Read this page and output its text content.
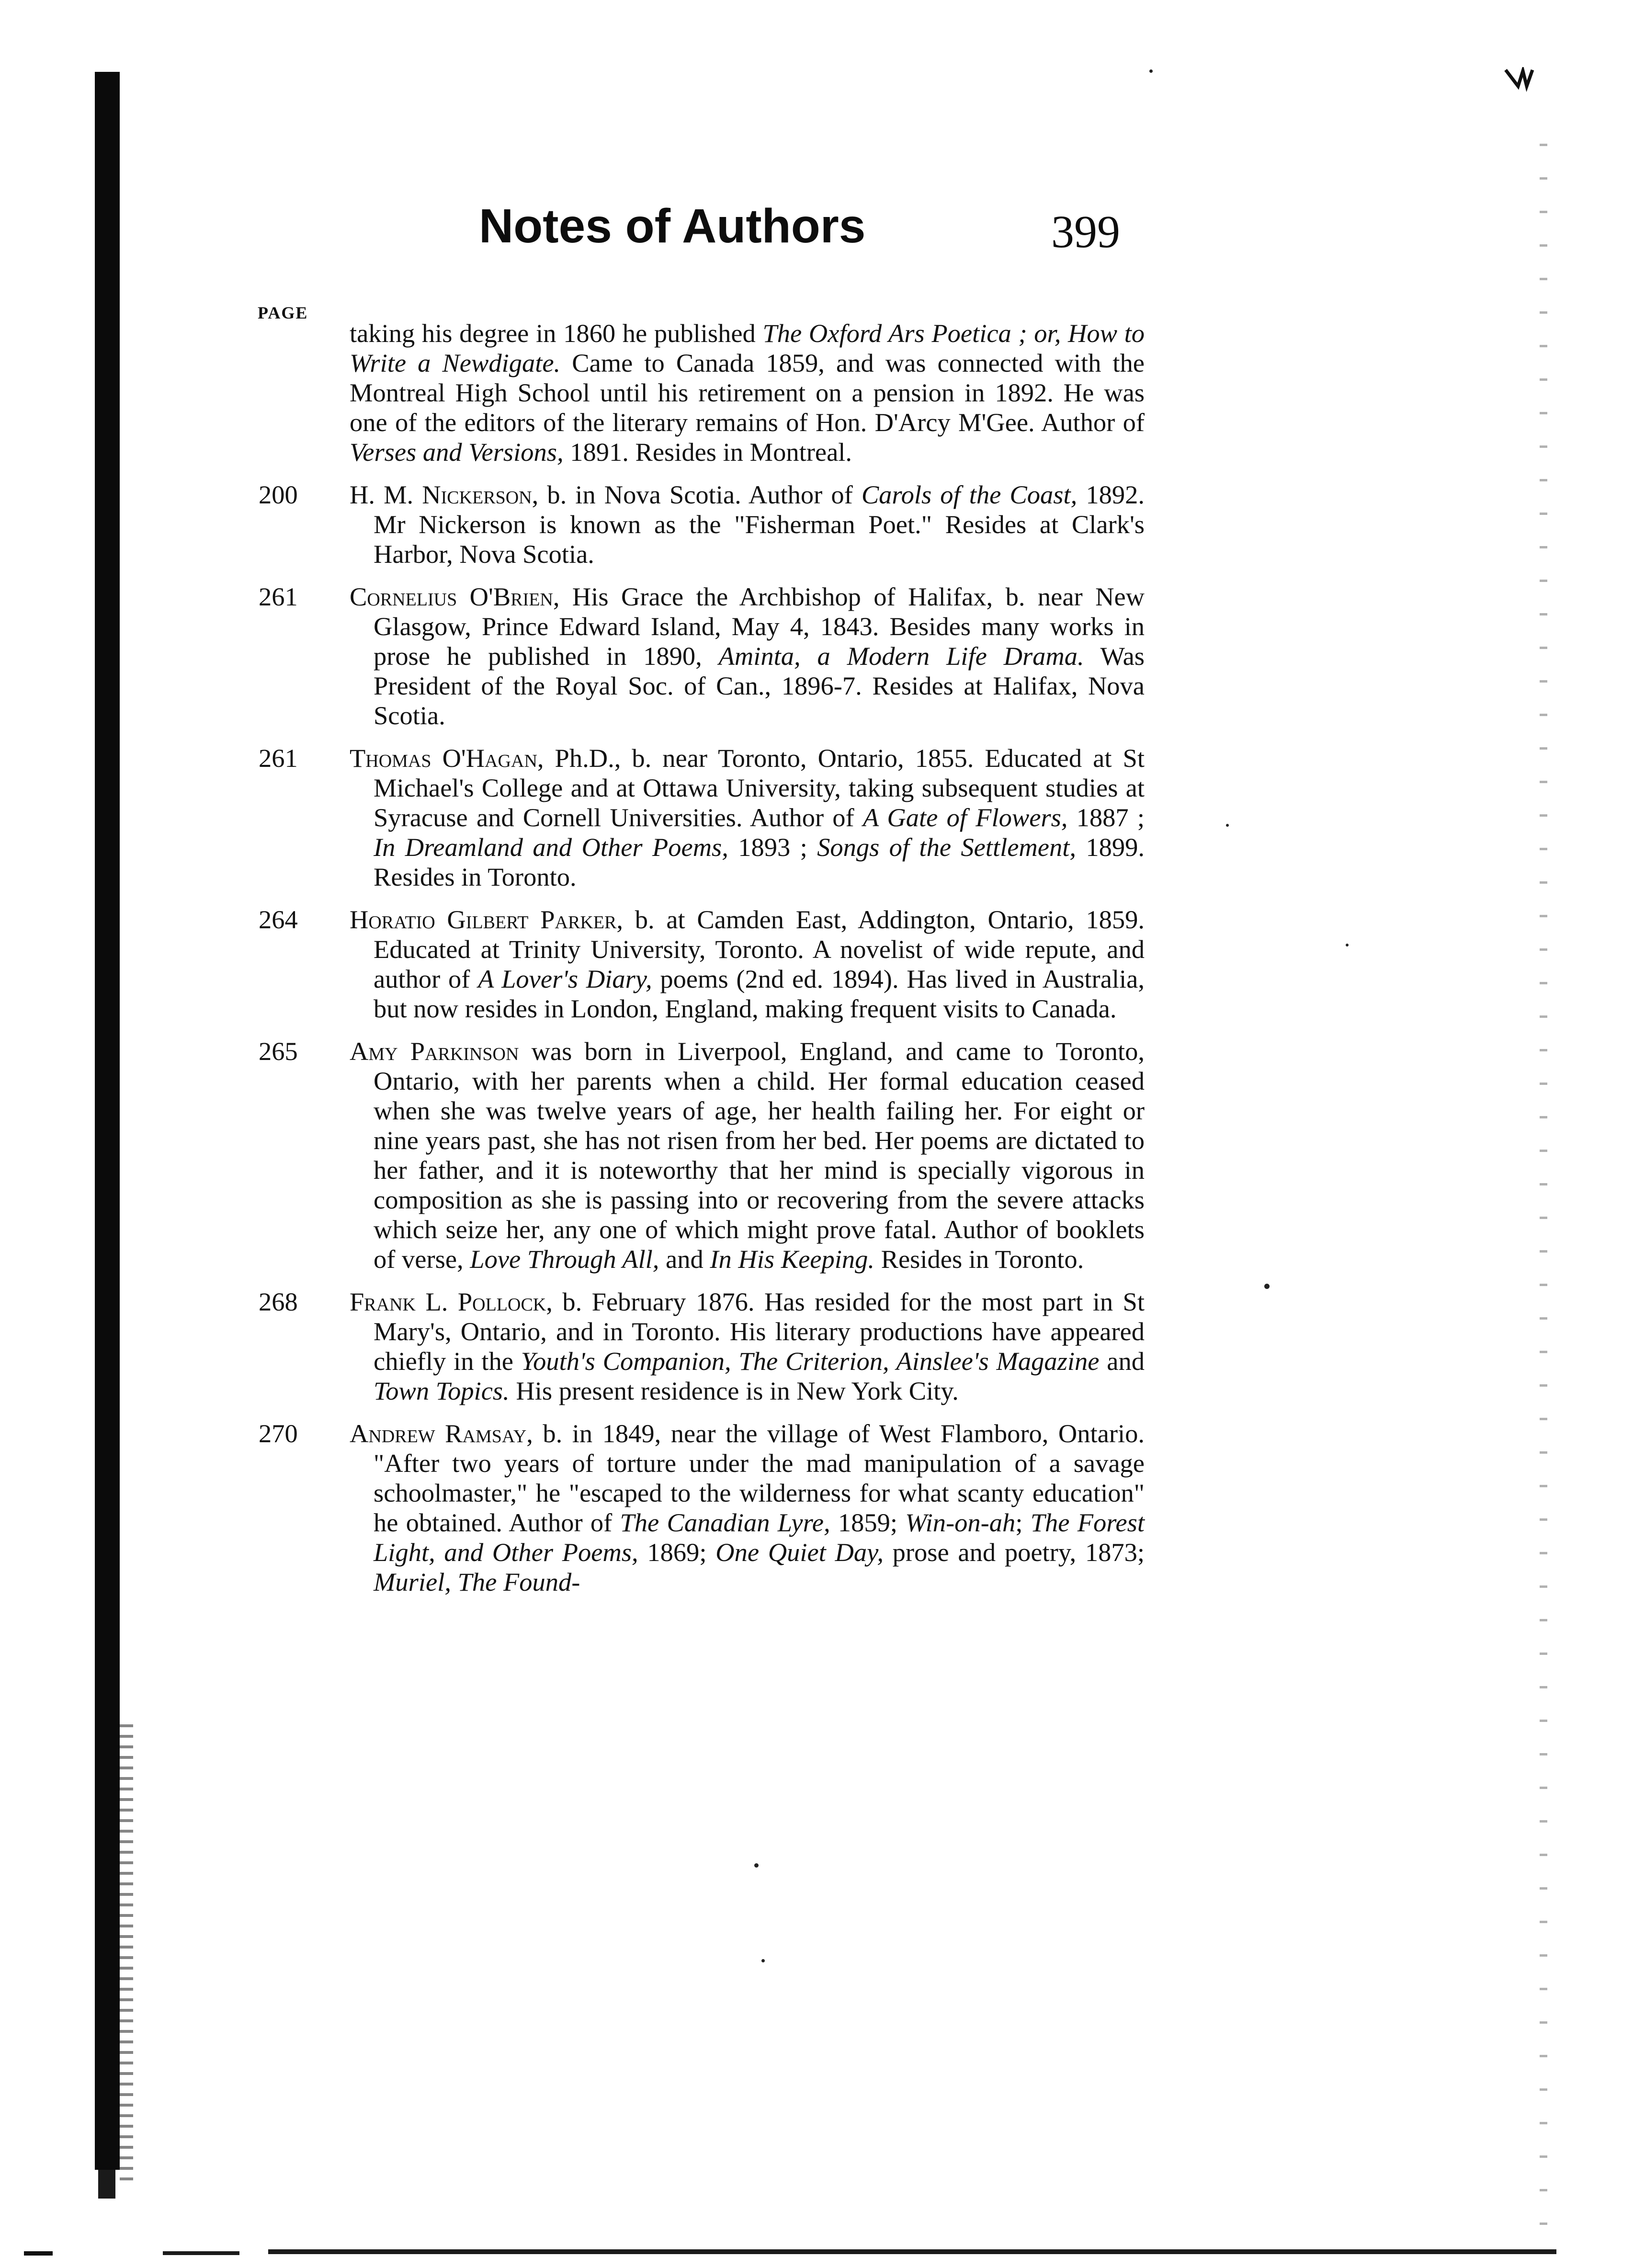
Notes of Authors	399
PAGE
taking his degree in 1860 he published The Oxford Ars Poetica ; or, How to Write a Newdigate. Came to Canada 1859, and was connected with the Montreal High School until his retirement on a pension in 1892. He was one of the editors of the literary remains of Hon. D'Arcy M'Gee. Author of Verses and Versions, 1891. Resides in Montreal.
200	H. M. Nickerson, b. in Nova Scotia. Author of Carols of the Coast, 1892. Mr Nickerson is known as the "Fisherman Poet." Resides at Clark's Harbor, Nova Scotia.
261	Cornelius O'Brien, His Grace the Archbishop of Halifax, b. near New Glasgow, Prince Edward Island, May 4, 1843. Besides many works in prose he published in 1890, Aminta, a Modern Life Drama. Was President of the Royal Soc. of Can., 1896-7. Resides at Halifax, Nova Scotia.
261	Thomas O'Hagan, Ph.D., b. near Toronto, Ontario, 1855. Educated at St Michael's College and at Ottawa University, taking subsequent studies at Syracuse and Cornell Universities. Author of A Gate of Flowers, 1887 ; In Dreamland and Other Poems, 1893 ; Songs of the Settlement, 1899. Resides in Toronto.
264	Horatio Gilbert Parker, b. at Camden East, Addington, Ontario, 1859. Educated at Trinity University, Toronto. A novelist of wide repute, and author of A Lover's Diary, poems (2nd ed. 1894). Has lived in Australia, but now resides in London, England, making frequent visits to Canada.
265	Amy Parkinson was born in Liverpool, England, and came to Toronto, Ontario, with her parents when a child. Her formal education ceased when she was twelve years of age, her health failing her. For eight or nine years past, she has not risen from her bed. Her poems are dictated to her father, and it is noteworthy that her mind is specially vigorous in composition as she is passing into or recovering from the severe attacks which seize her, any one of which might prove fatal. Author of booklets of verse, Love Through All, and In His Keeping. Resides in Toronto.
268	Frank L. Pollock, b. February 1876. Has resided for the most part in St Mary's, Ontario, and in Toronto. His literary productions have appeared chiefly in the Youth's Companion, The Criterion, Ainslee's Magazine and Town Topics. His present residence is in New York City.
270	Andrew Ramsay, b. in 1849, near the village of West Flamboro, Ontario. "After two years of torture under the mad manipulation of a savage schoolmaster," he "escaped to the wilderness for what scanty education" he obtained. Author of The Canadian Lyre, 1859; Win-on-ah; The Forest Light, and Other Poems, 1869; One Quiet Day, prose and poetry, 1873; Muriel, The Found-
